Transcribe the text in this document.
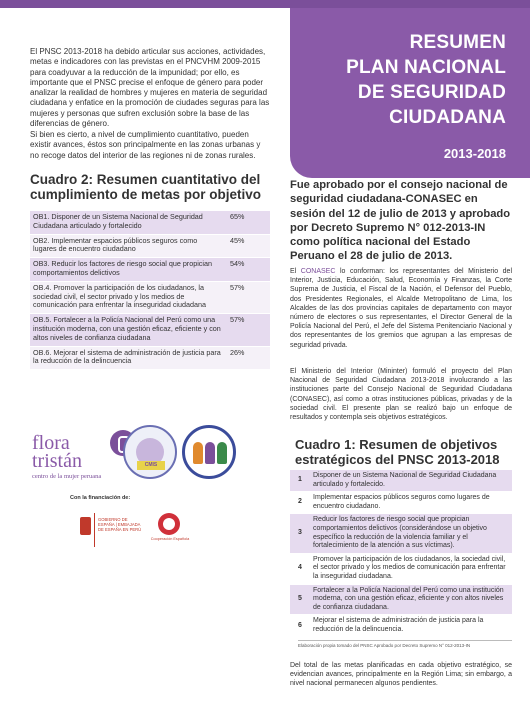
RESUMEN
PLAN NACIONAL
DE SEGURIDAD
CIUDADANA
2013-2018

El PNSC 2013-2018 ha debido articular sus acciones, actividades, metas e indicadores con las previstas en el PNCVHM 2009-2015 para coadyuvar a la reducción de la impunidad; por ello, es importante que el PNSC precise el enfoque de género para poder analizar la realidad de hombres y mujeres en materia de seguridad ciudadana y enfatice en la promoción de ciudades seguras para las mujeres y personas que sufren exclusión sobre la base de las diferencias de género.

Si bien es cierto, a nivel de cumplimiento cuantitativo, pueden existir avances, éstos son principalmente en las zonas urbanas y no recoge datos del interior de las regiones ni de zonas rurales.

Cuadro 2: Resumen cuantitativo del cumplimiento de metas por objetivo
OB1. Disponer de un Sistema Nacional de Seguridad Ciudadana articulado y fortalecido	65%
OB2. Implementar espacios públicos seguros como lugares de encuentro ciudadano	45%
OB3. Reducir los factores de riesgo social que propician comportamientos delictivos	54%
OB.4. Promover la participación de los ciudadanos, la sociedad civil, el sector privado y los medios de comunicación para enfrentar la inseguridad ciudadana	57%
OB.5. Fortalecer a la Policía Nacional del Perú como una institución moderna, con una gestión eficaz, eficiente y con altos niveles de confianza ciudadana	57%
OB.6. Mejorar el sistema de administración de justicia para la reducción de la delincuencia	26%
flora
tristán
centro de la mujer peruana
CMIS
Con la financiación de:
GOBIERNO DE ESPAÑA | EMBAJADA DE ESPAÑA EN PERÚ
Cooperación Española
Fue aprobado por el consejo nacional de seguridad ciudadana-CONASEC en sesión del 12 de julio de 2013 y aprobado por Decreto Supremo N° 012-2013-IN como política nacional del Estado Peruano el 28 de julio de 2013.

El CONASEC lo conforman: los representantes del Ministerio del Interior, Justicia, Educación, Salud, Economía y Finanzas, la Corte Suprema de Justicia, el Fiscal de la Nación, el Defensor del Pueblo, dos Presidentes Regionales, el Alcalde Metropolitano de Lima, los Alcaldes de las dos provincias capitales de departamento con mayor número de electores o sus representantes, el Director General de la Policía Nacional del Perú, el Jefe del Sistema Penitenciario Nacional y dos representantes de los gremios que agrupan a las empresas de seguridad privada.

El Ministerio del Interior (Mininter) formuló el proyecto del Plan Nacional de Seguridad Ciudadana 2013-2018 involucrando a las instituciones parte del Consejo Nacional de Seguridad Ciudadana (CONASEC), así como a otras instituciones públicas, privadas y de la sociedad civil. El presente plan se realizó bajo un enfoque de resultados y contempla seis objetivos estratégicos.

Cuadro 1: Resumen de objetivos estratégicos del PNSC 2013-2018
1	Disponer de un Sistema Nacional de Seguridad Ciudadana articulado y fortalecido.
2	Implementar espacios públicos seguros como lugares de encuentro ciudadano.
3	Reducir los factores de riesgo social que propician comportamientos delictivos (considerándose un objetivo específico la reducción de la violencia familiar y el fortalecimiento de la atención a sus víctimas).
4	Promover la participación de los ciudadanos, la sociedad civil, el sector privado y los medios de comunicación para enfrentar la inseguridad ciudadana.
5	Fortalecer a la Policía Nacional del Perú como una institución moderna, con una gestión eficaz, eficiente y con altos niveles de confianza ciudadana.
6	Mejorar el sistema de administración de justicia para la reducción de la delincuencia.
Elaboración propia tomado del PNSC Aprobado por Decreto Supremo N° 012-2013-IN

Del total de las metas planificadas en cada objetivo estratégico, se evidencian avances, principalmente en la Región Lima; sin embargo, a nivel nacional permanecen algunos pendientes.
